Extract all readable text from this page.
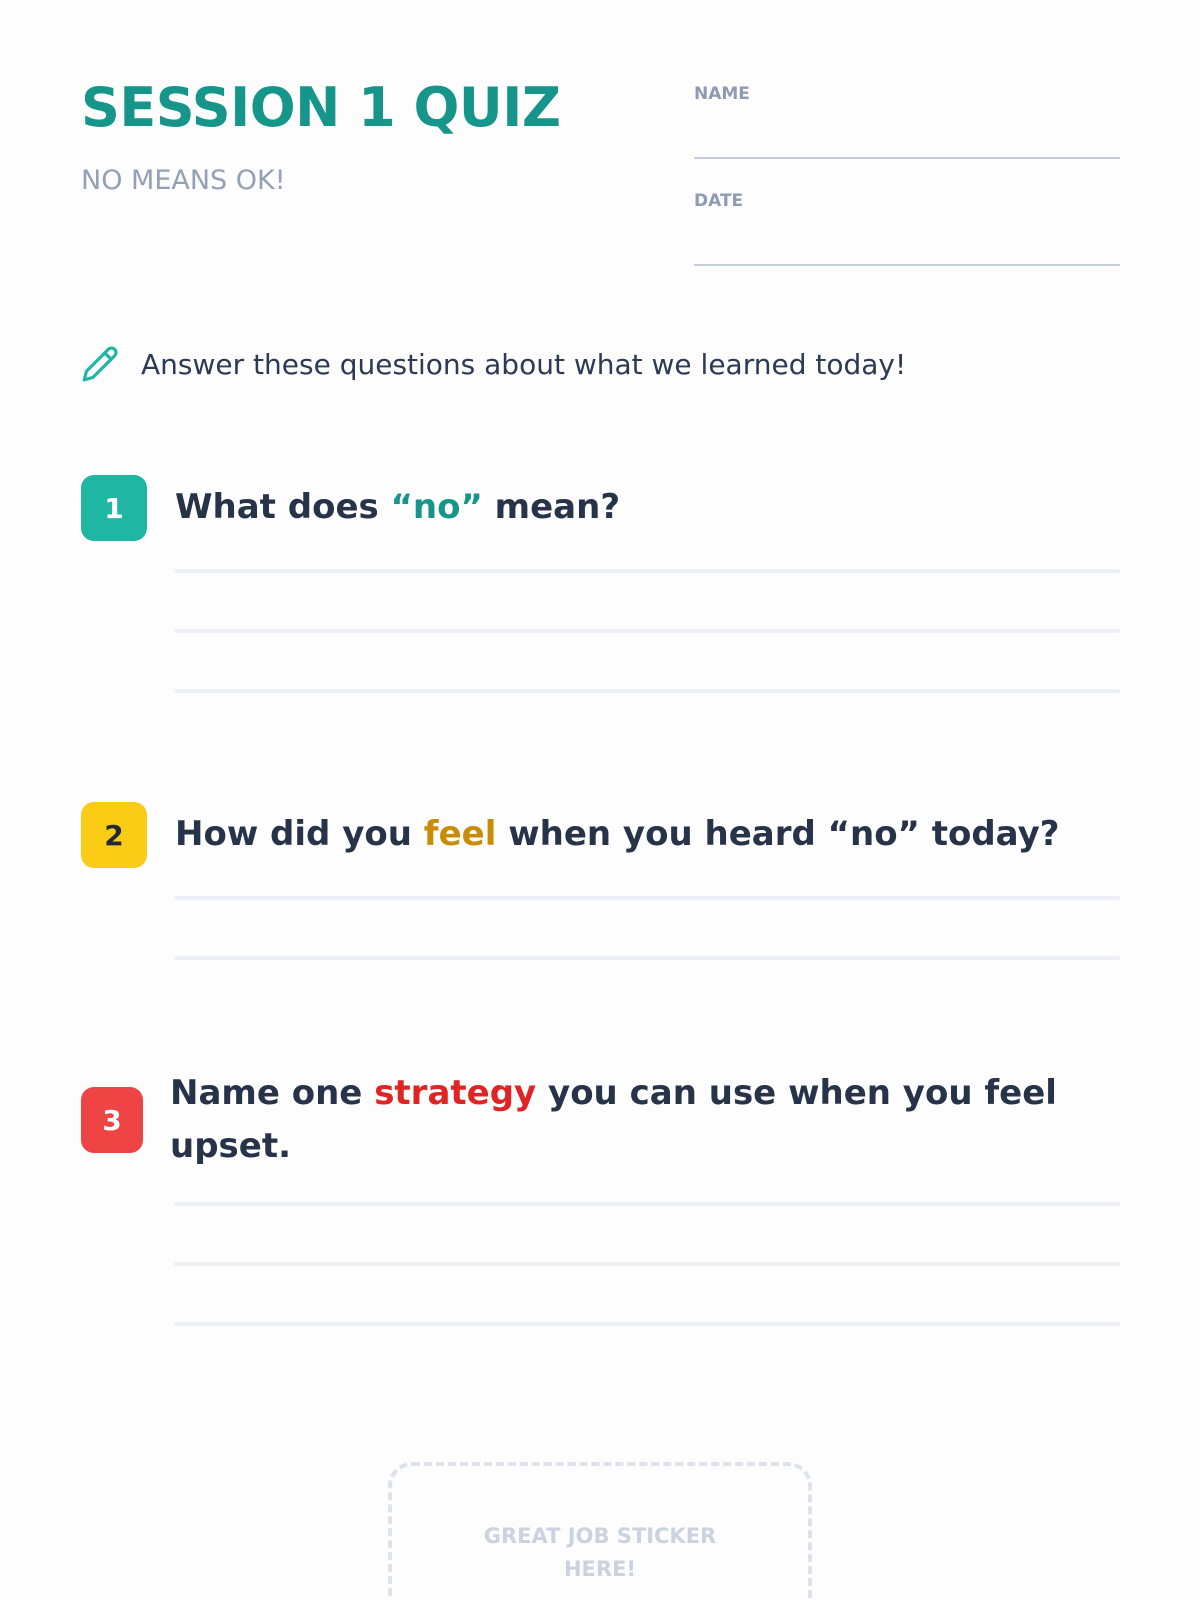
SESSION 1 QUIZ
NO MEANS OK!
NAME
DATE
Answer these questions about what we learned today!
1	What does “no” mean?

2	How did you feel when you heard “no” today?

3

Name one strategy you can use when you feel upset.

GREAT JOB STICKER HERE!
